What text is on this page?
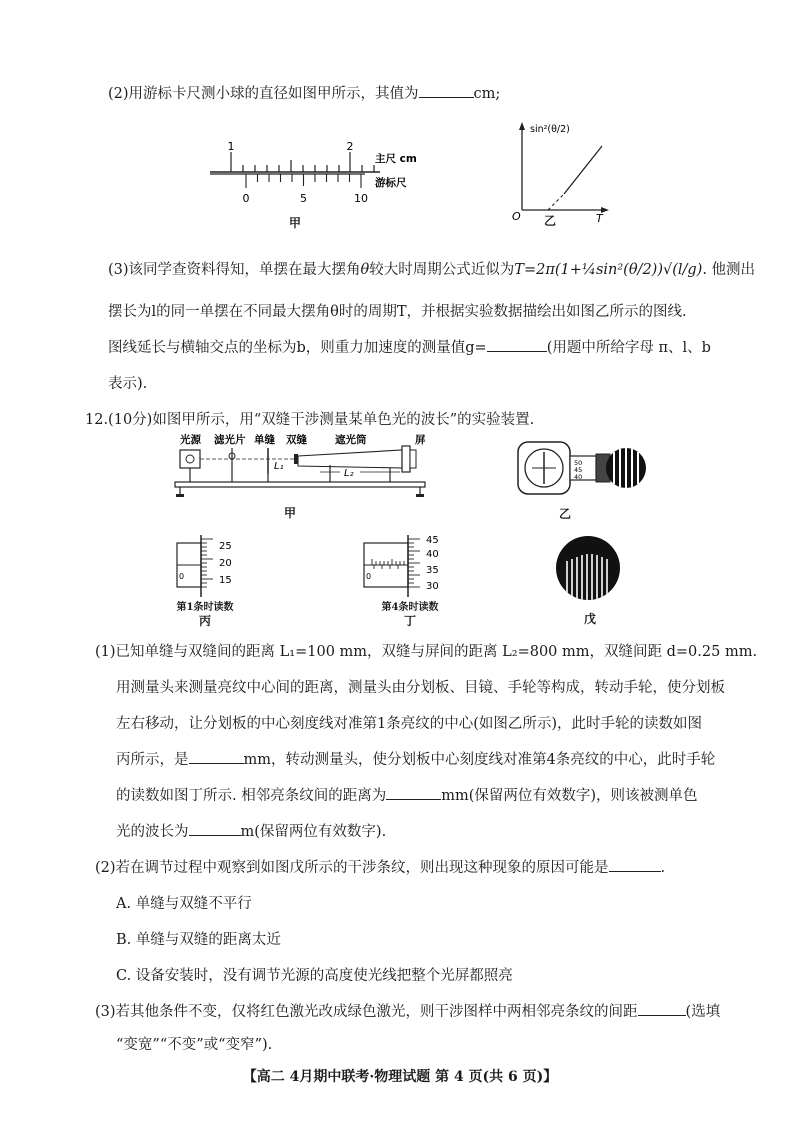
(2)用游标卡尺测小球的直径如图甲所示，其值为	cm;
1	2
0	5	10
主尺 cm
游标尺
甲	O	T
sin²(θ/2)
乙
(3)该同学查资料得知，单摆在最大摆角θ较大时周期公式近似为T=2π(1+¼sin²(θ/2))√(l/g). 他测出
摆长为l的同一单摆在不同最大摆角θ时的周期T，并根据实验数据描绘出如图乙所示的图线.
图线延长与横轴交点的坐标为b，则重力加速度的测量值g=	(用题中所给字母 π、l、b
表示).
12.(10分)如图甲所示，用“双缝干涉测量某单色光的波长”的实验装置.
光源 滤光片 单缝 双缝	遮光筒	屏
L₁
L₂
甲
50
45
40
乙
0
25
20
15
第1条时读数
丙
0
45
40
35
30
第4条时读数
丁	戊
(1)已知单缝与双缝间的距离 L₁=100 mm，双缝与屏间的距离 L₂=800 mm，双缝间距 d=0.25 mm.
用测量头来测量亮纹中心间的距离，测量头由分划板、目镜、手轮等构成，转动手轮，使分划板
左右移动，让分划板的中心刻度线对准第1条亮纹的中心(如图乙所示)，此时手轮的读数如图
丙所示，是	mm，转动测量头，使分划板中心刻度线对准第4条亮纹的中心，此时手轮
的读数如图丁所示. 相邻亮条纹间的距离为	mm(保留两位有效数字)，则该被测单色
光的波长为	m(保留两位有效数字).
(2)若在调节过程中观察到如图戊所示的干涉条纹，则出现这种现象的原因可能是	.
A. 单缝与双缝不平行
B. 单缝与双缝的距离太近
C. 设备安装时，没有调节光源的高度使光线把整个光屏都照亮
(3)若其他条件不变，仅将红色激光改成绿色激光，则干涉图样中两相邻亮条纹的间距	(选填
【高二 4月期中联考·物理试题 第 4 页(共 6 页)】
“变宽”“不变”或“变窄”).
